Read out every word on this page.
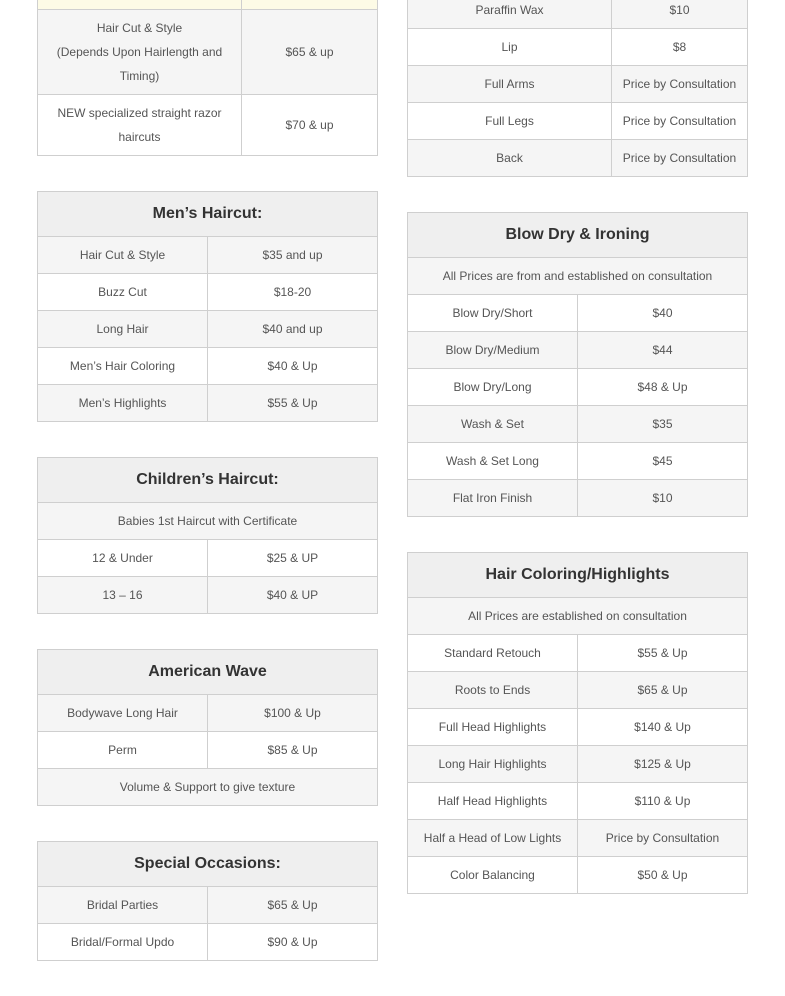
Hair Cut & Style
(Depends Upon Hairlength and Timing)	$65 & up
NEW specialized straight razor haircuts	$70 & up
Men’s Haircut:	
Hair Cut & Style	$35 and up
Buzz Cut	$18-20
Long Hair	$40 and up
Men’s Hair Coloring	$40 & Up
Men’s Highlights	$55 & Up
Children’s Haircut:	
Babies 1st Haircut with Certificate	
12 & Under	$25 & UP
13 – 16	$40 & UP
American Wave	
Bodywave Long Hair	$100 & Up
Perm	$85 & Up
Volume & Support to give texture	
Special Occasions:	
Bridal Parties	$65 & Up
Bridal/Formal Updo	$90 & Up
Paraffin Wax	$10
Lip	$8
Full Arms	Price by Consultation
Full Legs	Price by Consultation
Back	Price by Consultation
Blow Dry & Ironing	
All Prices are from and established on consultation	
Blow Dry/Short	$40
Blow Dry/Medium	$44
Blow Dry/Long	$48 & Up
Wash & Set	$35
Wash & Set Long	$45
Flat Iron Finish	$10
Hair Coloring/Highlights	
All Prices are established on consultation	
Standard Retouch	$55 & Up
Roots to Ends	$65 & Up
Full Head Highlights	$140 & Up
Long Hair Highlights	$125 & Up
Half Head Highlights	$110 & Up
Half a Head of Low Lights	Price by Consultation
Color Balancing	$50 & Up
